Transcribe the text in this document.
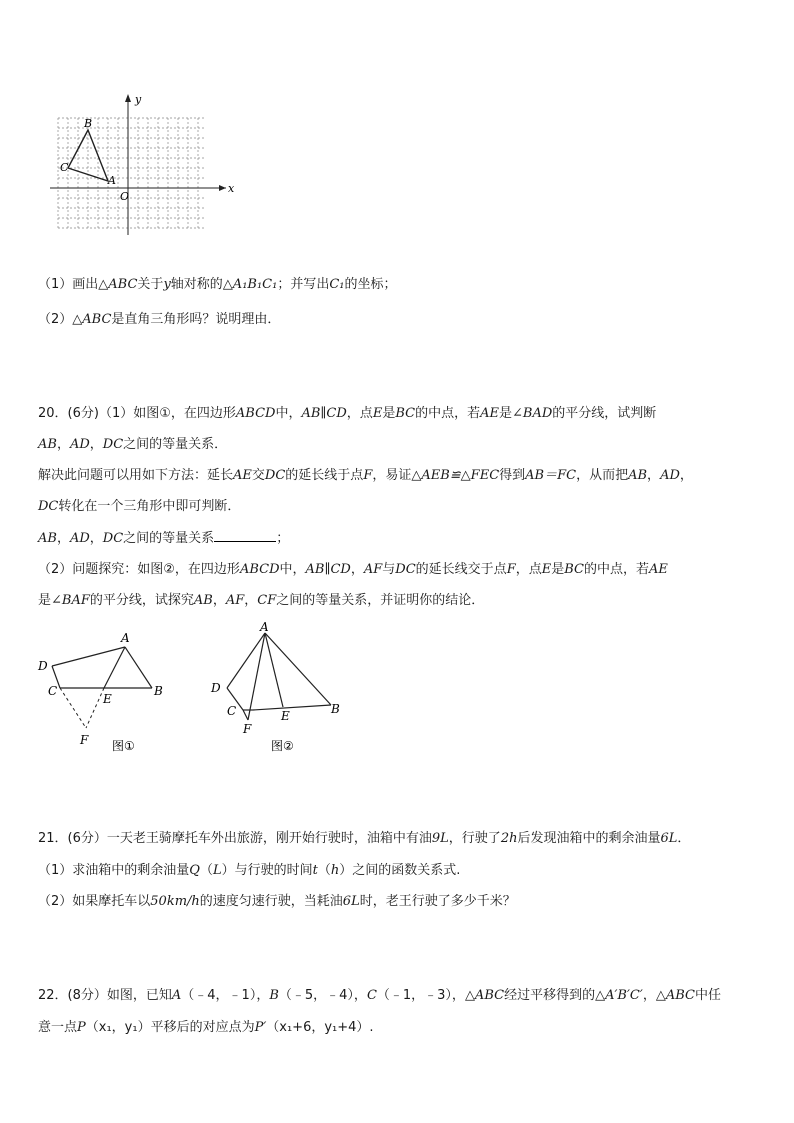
y
x
O
B
C
A
（1）画出△ABC关于y轴对称的△A₁B₁C₁；并写出C₁的坐标；
（2）△ABC是直角三角形吗？说明理由．
20．(6分)（1）如图①，在四边形ABCD中，AB∥CD，点E是BC的中点，若AE是∠BAD的平分线，试判断
AB，AD，DC之间的等量关系．
解决此问题可以用如下方法：延长AE交DC的延长线于点F，易证△AEB≌△FEC得到AB＝FC，从而把AB，AD，
DC转化在一个三角形中即可判断．
AB，AD，DC之间的等量关系	；
（2）问题探究：如图②，在四边形ABCD中，AB∥CD，AF与DC的延长线交于点F，点E是BC的中点，若AE
是∠BAF的平分线，试探究AB，AF，CF之间的等量关系，并证明你的结论．
A
B
C
D
E
F 图①
A
B
C
D
E
F
图②
21．(6分）一天老王骑摩托车外出旅游，刚开始行驶时，油箱中有油9L，行驶了2h后发现油箱中的剩余油量6L．
（1）求油箱中的剩余油量Q（L）与行驶的时间t（h）之间的函数关系式.
（2）如果摩托车以50km/h的速度匀速行驶，当耗油6L时，老王行驶了多少千米？
22．(8分）如图，已知A（﹣4，﹣1），B（﹣5，﹣4），C（﹣1，﹣3），△ABC经过平移得到的△A′B′C′，△ABC中任
意一点P（x₁，y₁）平移后的对应点为P′（x₁+6，y₁+4）.
